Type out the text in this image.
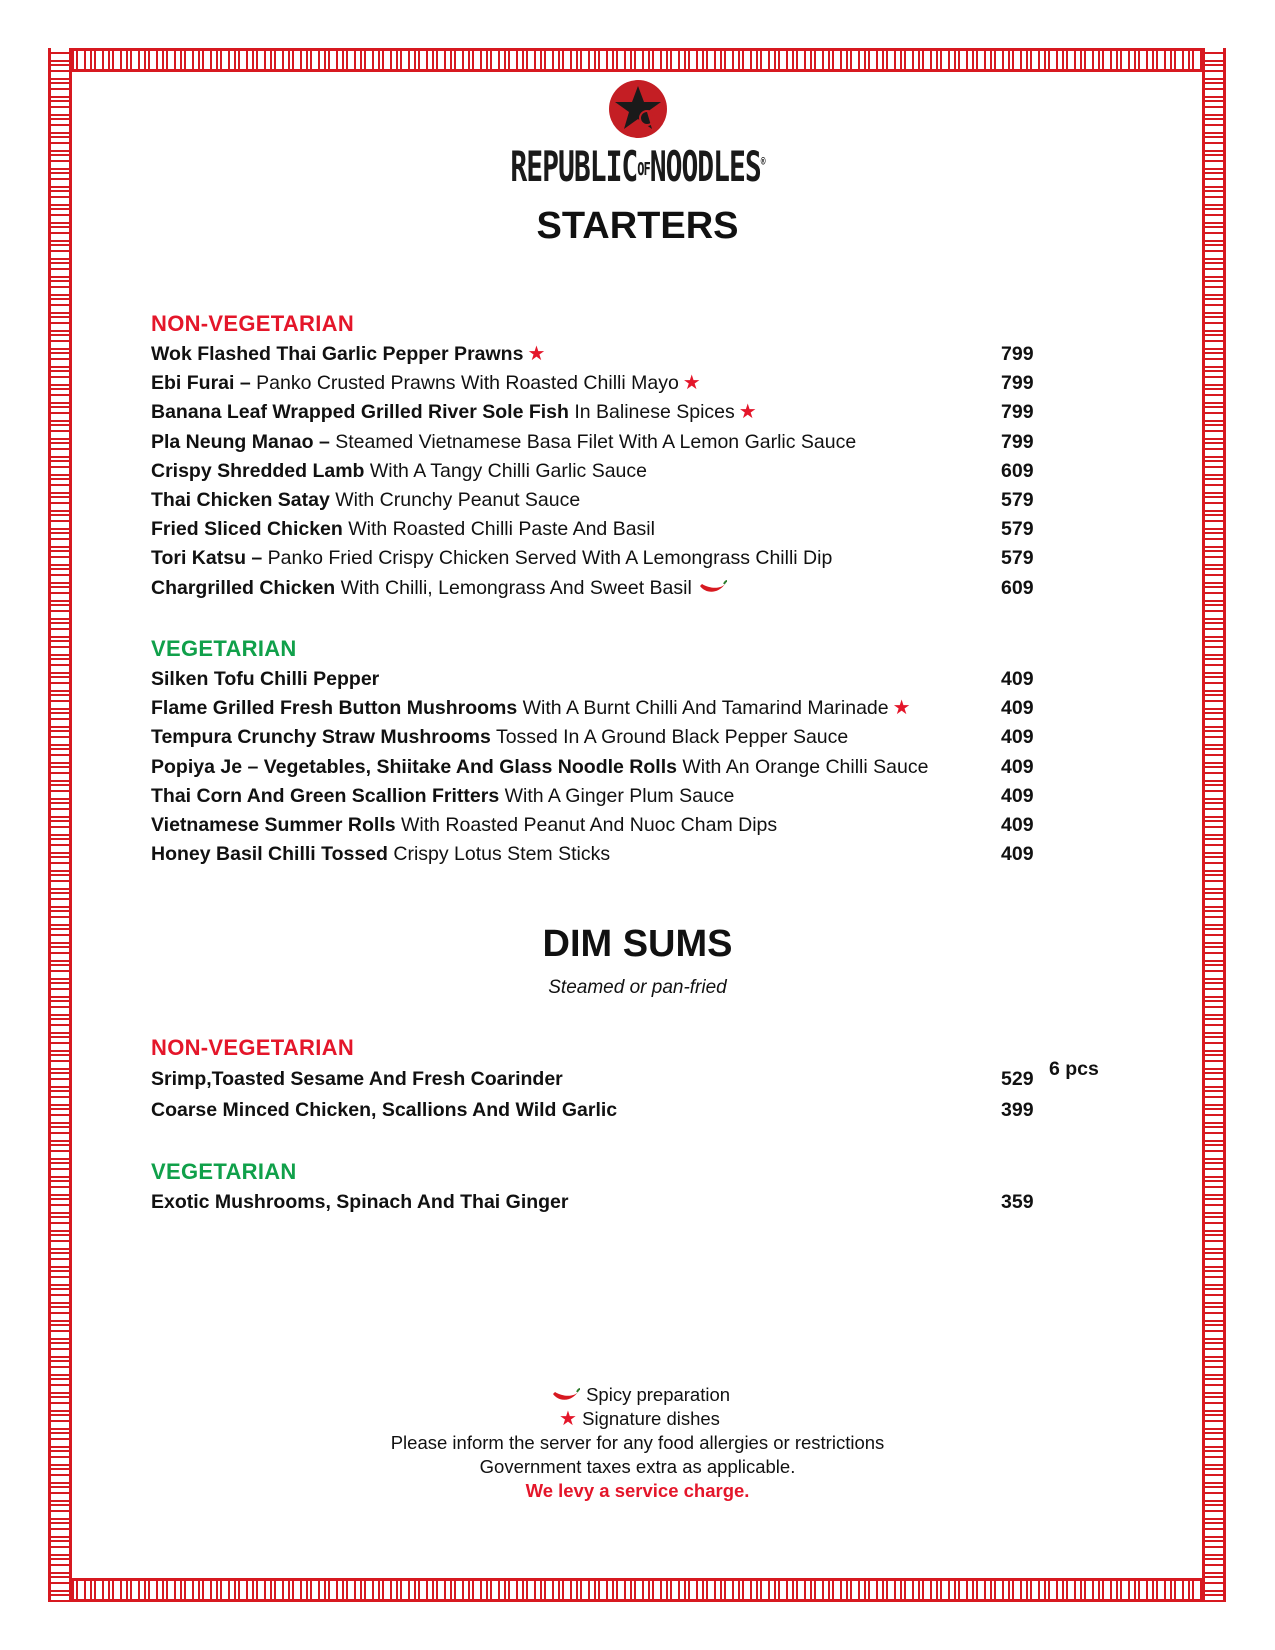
REPUBLICOFNOODLES®
STARTERS
NON-VEGETARIAN
Wok Flashed Thai Garlic Pepper Prawns ★	799
Ebi Furai – Panko Crusted Prawns With Roasted Chilli Mayo ★	799
Banana Leaf Wrapped Grilled River Sole Fish In Balinese Spices ★	799
Pla Neung Manao – Steamed Vietnamese Basa Filet With A Lemon Garlic Sauce	799
Crispy Shredded Lamb With A Tangy Chilli Garlic Sauce	609
Thai Chicken Satay With Crunchy Peanut Sauce	579
Fried Sliced Chicken With Roasted Chilli Paste And Basil	579
Tori Katsu – Panko Fried Crispy Chicken Served With A Lemongrass Chilli Dip	579
Chargrilled Chicken With Chilli, Lemongrass And Sweet Basil	609
VEGETARIAN
Silken Tofu Chilli Pepper	409
Flame Grilled Fresh Button Mushrooms With A Burnt Chilli And Tamarind Marinade ★	409
Tempura Crunchy Straw Mushrooms Tossed In A Ground Black Pepper Sauce	409
Popiya Je – Vegetables, Shiitake And Glass Noodle Rolls With An Orange Chilli Sauce	409
Thai Corn And Green Scallion Fritters With A Ginger Plum Sauce	409
Vietnamese Summer Rolls With Roasted Peanut And Nuoc Cham Dips	409
Honey Basil Chilli Tossed Crispy Lotus Stem Sticks	409
DIM SUMS
Steamed or pan-fried
6 pcs
NON-VEGETARIAN
Srimp,Toasted Sesame And Fresh Coarinder	529
Coarse Minced Chicken, Scallions And Wild Garlic	399
VEGETARIAN
Exotic Mushrooms, Spinach And Thai Ginger	359
Spicy preparation
★ Signature dishes
Please inform the server for any food allergies or restrictions
Government taxes extra as applicable.
We levy a service charge.
